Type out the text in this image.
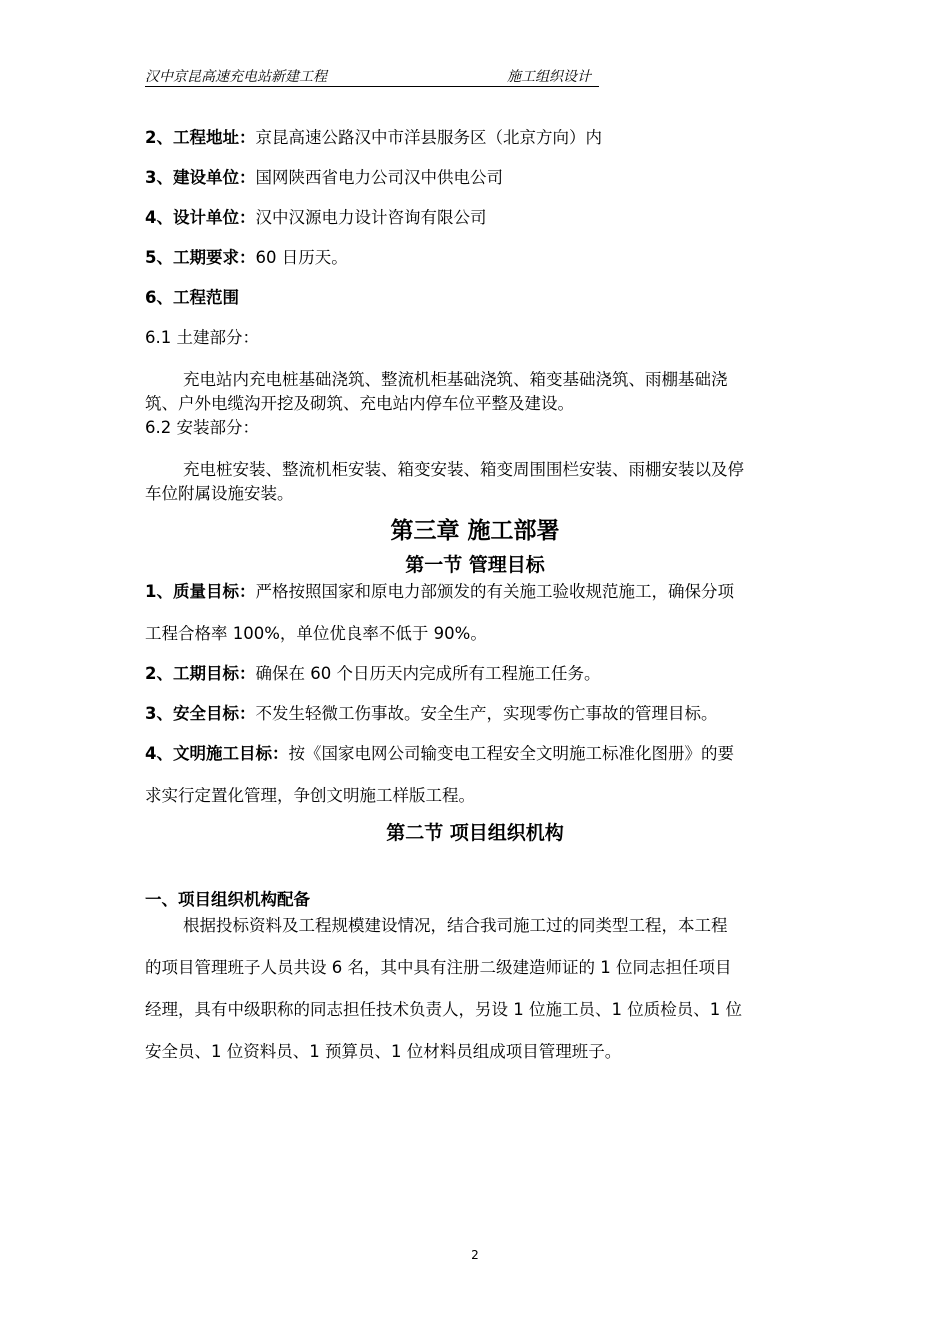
汉中京昆高速充电站新建工程	施工组织设计
2、工程地址：京昆高速公路汉中市洋县服务区（北京方向）内
3、建设单位：国网陕西省电力公司汉中供电公司
4、设计单位：汉中汉源电力设计咨询有限公司
5、工期要求：60 日历天。
6、工程范围
6.1 土建部分：
充电站内充电桩基础浇筑、整流机柜基础浇筑、箱变基础浇筑、雨棚基础浇
筑、户外电缆沟开挖及砌筑、充电站内停车位平整及建设。
6.2 安装部分：
充电桩安装、整流机柜安装、箱变安装、箱变周围围栏安装、雨棚安装以及停
车位附属设施安装。
第三章 施工部署
第一节 管理目标
1、质量目标：严格按照国家和原电力部颁发的有关施工验收规范施工，确保分项
工程合格率 100%，单位优良率不低于 90%。
2、工期目标：确保在 60 个日历天内完成所有工程施工任务。
3、安全目标：不发生轻微工伤事故。安全生产，实现零伤亡事故的管理目标。
4、文明施工目标：按《国家电网公司输变电工程安全文明施工标准化图册》的要
求实行定置化管理，争创文明施工样版工程。
第二节 项目组织机构
一、项目组织机构配备
根据投标资料及工程规模建设情况，结合我司施工过的同类型工程，本工程
的项目管理班子人员共设 6 名，其中具有注册二级建造师证的 1 位同志担任项目
经理，具有中级职称的同志担任技术负责人，另设 1 位施工员、1 位质检员、1 位
安全员、1 位资料员、1 预算员、1 位材料员组成项目管理班子。
2
